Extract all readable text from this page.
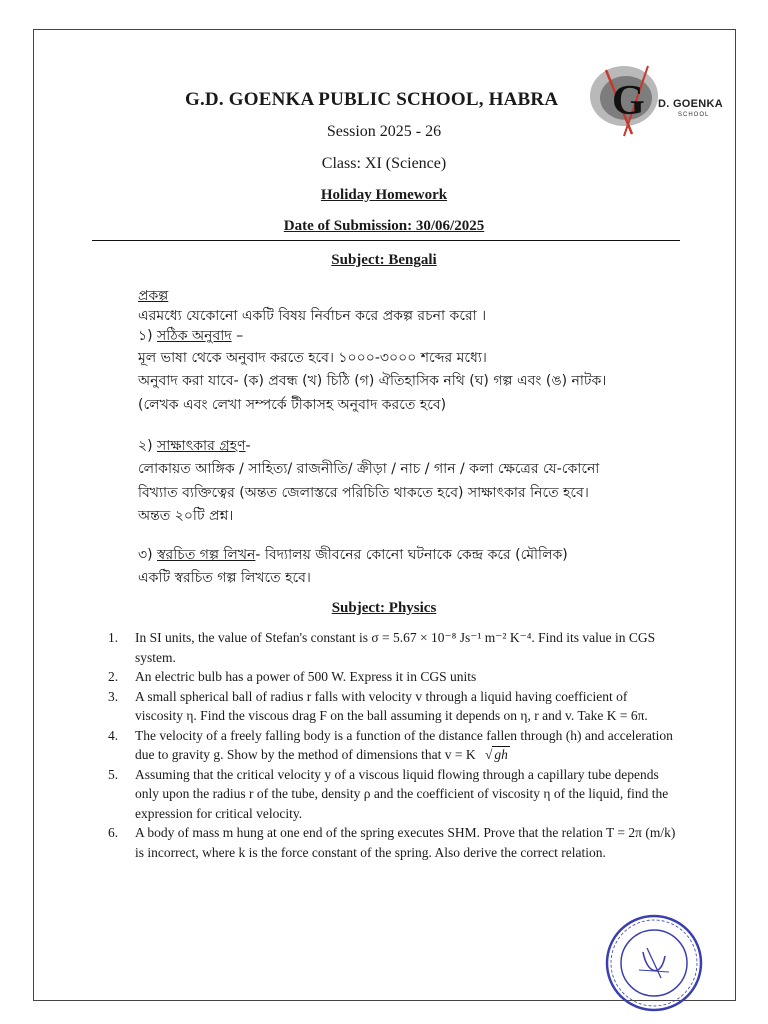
G D. GOENKA
SCHOOL
G.D. GOENKA PUBLIC SCHOOL, HABRA
Session 2025 - 26
Class: XI (Science)
Holiday Homework
Date of Submission: 30/06/2025
Subject: Bengali
প্রকল্প
এরমধ্যে যেকোনো একটি বিষয় নির্বাচন করে প্রকল্প রচনা করো ।
১) সঠিক অনুবাদ –
মূল ভাষা থেকে অনুবাদ করতে হবে। ১০০০-৩০০০ শব্দের মধ্যে।
অনুবাদ করা যাবে- (ক) প্রবন্ধ (খ) চিঠি (গ) ঐতিহাসিক নথি (ঘ) গল্প এবং (ঙ) নাটক।
(লেখক এবং লেখা সম্পর্কে টীকাসহ অনুবাদ করতে হবে)
২) সাক্ষাৎকার গ্রহণ-
লোকায়ত আঙ্গিক / সাহিত্য/ রাজনীতি/ ক্রীড়া / নাচ / গান / কলা ক্ষেত্রের যে-কোনো
বিখ্যাত ব্যক্তিত্বের (অন্তত জেলাস্তরে পরিচিতি থাকতে হবে) সাক্ষাৎকার নিতে হবে।
অন্তত ২০টি প্রশ্ন।
৩) স্বরচিত গল্প লিখন- বিদ্যালয় জীবনের কোনো ঘটনাকে কেন্দ্র করে (মৌলিক)
একটি স্বরচিত গল্প লিখতে হবে।
Subject: Physics
1. In SI units, the value of Stefan's constant is σ = 5.67 × 10⁻⁸ Js⁻¹ m⁻² K⁻⁴. Find its value in CGS system.
2. An electric bulb has a power of 500 W. Express it in CGS units
3. A small spherical ball of radius r falls with velocity v through a liquid having coefficient of viscosity η. Find the viscous drag F on the ball assuming it depends on η, r and v. Take K = 6π.
4. The velocity of a freely falling body is a function of the distance fallen through (h) and acceleration due to gravity g. Show by the method of dimensions that v = K √ gh
5. Assuming that the critical velocity y of a viscous liquid flowing through a capillary tube depends only upon the radius r of the tube, density ρ and the coefficient of viscosity η of the liquid, find the expression for critical velocity.
6. A body of mass m hung at one end of the spring executes SHM. Prove that the relation T = 2π (m/k) is incorrect, where k is the force constant of the spring. Also derive the correct relation.
